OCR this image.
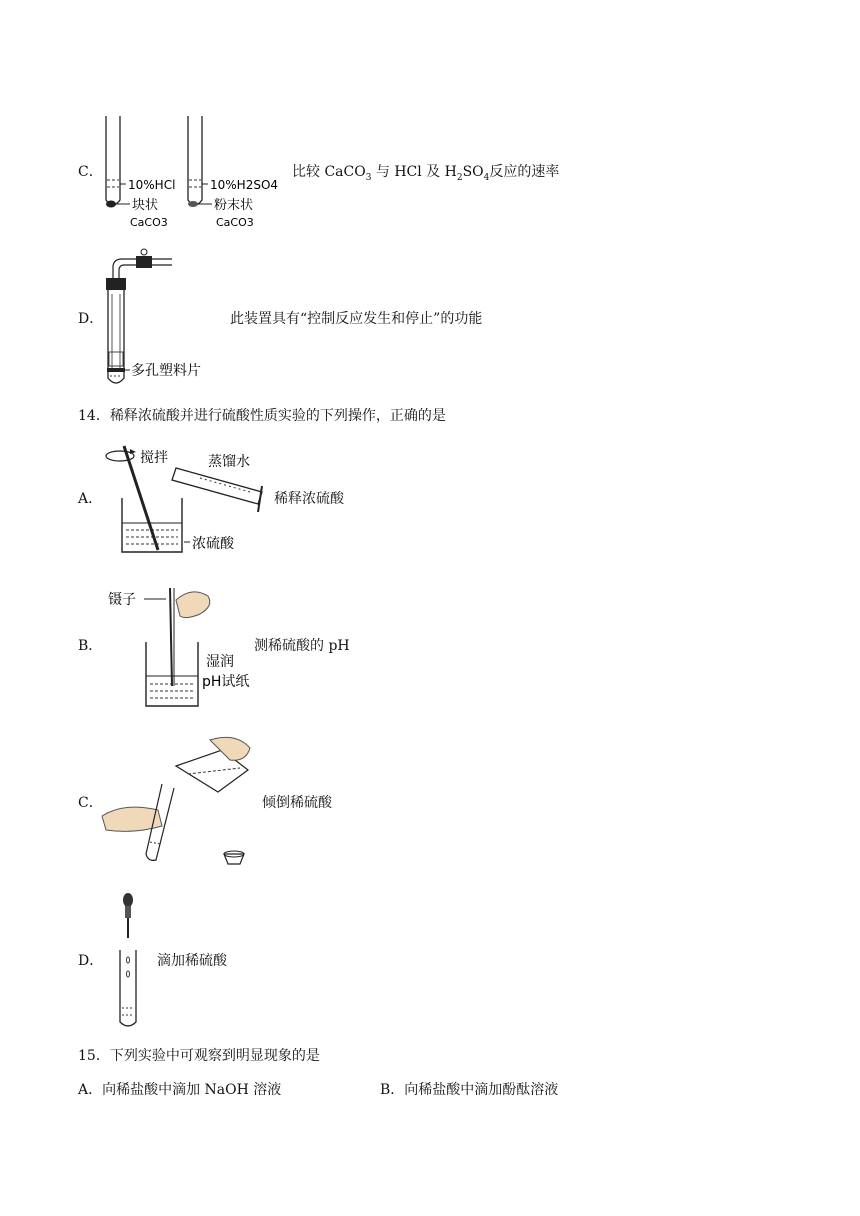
C．
10%HCl
块状
CaCO3
10%H2SO4
粉末状
CaCO3
比较 CaCO$_3$ 与 HCl 及 $H_2SO_4$反应的速率
D．
多孔塑料片
此装置具有“控制反应发生和停止”的功能
14．稀释浓硫酸并进行硫酸性质实验的下列操作，正确的是
A．
搅拌	蒸馏水
浓硫酸
稀释浓硫酸
B．
镊子
湿润
pH试纸
测稀硫酸的 pH
C．	倾倒稀硫酸
D．	滴加稀硫酸
15．下列实验中可观察到明显现象的是
A．向稀盐酸中滴加 NaOH 溶液	B．向稀盐酸中滴加酚酞溶液
